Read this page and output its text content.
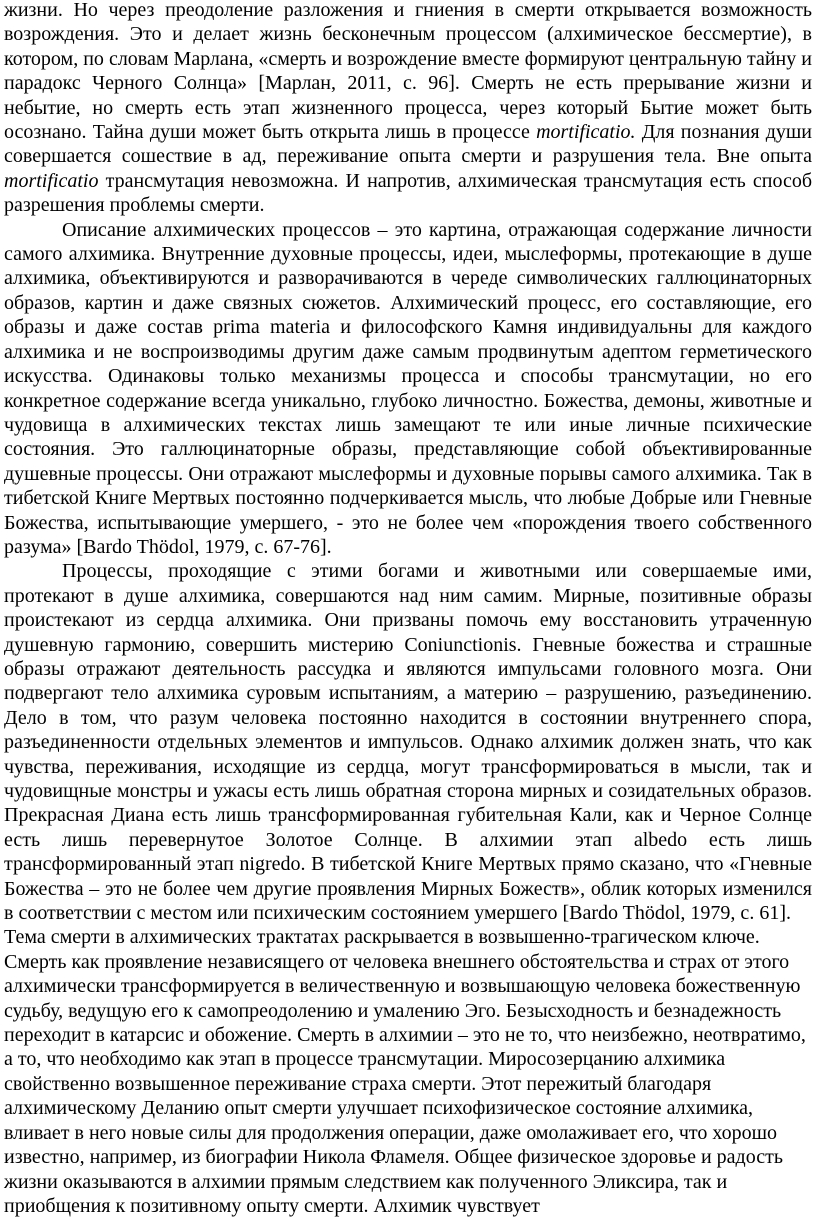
жизни. Но через преодоление разложения и гниения в смерти открывается возможность возрождения. Это и делает жизнь бесконечным процессом (алхимическое бессмертие), в котором, по словам Марлана, «смерть и возрождение вместе формируют центральную тайну и парадокс Черного Солнца» [Марлан, 2011, с. 96]. Смерть не есть прерывание жизни и небытие, но смерть есть этап жизненного процесса, через который Бытие может быть осознано. Тайна души может быть открыта лишь в процессе mortificatio. Для познания души совершается сошествие в ад, переживание опыта смерти и разрушения тела. Вне опыта mortificatio трансмутация невозможна. И напротив, алхимическая трансмутация есть способ разрешения проблемы смерти.

Описание алхимических процессов – это картина, отражающая содержание личности самого алхимика. Внутренние духовные процессы, идеи, мыслеформы, протекающие в душе алхимика, объективируются и разворачиваются в череде символических галлюцинаторных образов, картин и даже связных сюжетов. Алхимический процесс, его составляющие, его образы и даже состав prima materia и философского Камня индивидуальны для каждого алхимика и не воспроизводимы другим даже самым продвинутым адептом герметического искусства. Одинаковы только механизмы процесса и способы трансмутации, но его конкретное содержание всегда уникально, глубоко личностно. Божества, демоны, животные и чудовища в алхимических текстах лишь замещают те или иные личные психические состояния. Это галлюцинаторные образы, представляющие собой объективированные душевные процессы. Они отражают мыслеформы и духовные порывы самого алхимика. Так в тибетской Книге Мертвых постоянно подчеркивается мысль, что любые Добрые или Гневные Божества, испытывающие умершего, - это не более чем «порождения твоего собственного разума» [Bardo Thödol, 1979, с. 67-76].

Процессы, проходящие с этими богами и животными или совершаемые ими, протекают в душе алхимика, совершаются над ним самим. Мирные, позитивные образы проистекают из сердца алхимика. Они призваны помочь ему восстановить утраченную душевную гармонию, совершить мистерию Coniunctionis. Гневные божества и страшные образы отражают деятельность рассудка и являются импульсами головного мозга. Они подвергают тело алхимика суровым испытаниям, а материю – разрушению, разъединению. Дело в том, что разум человека постоянно находится в состоянии внутреннего спора, разъединенности отдельных элементов и импульсов. Однако алхимик должен знать, что как чувства, переживания, исходящие из сердца, могут трансформироваться в мысли, так и чудовищные монстры и ужасы есть лишь обратная сторона мирных и созидательных образов. Прекрасная Диана есть лишь трансформированная губительная Кали, как и Черное Солнце есть лишь перевернутое Золотое Солнце. В алхимии этап albedo есть лишь трансформированный этап nigredo. В тибетской Книге Мертвых прямо сказано, что «Гневные Божества – это не более чем другие проявления Мирных Божеств», облик которых изменился в соответствии с местом или психическим состоянием умершего [Bardo Thödol, 1979, с. 61].

Тема смерти в алхимических трактатах раскрывается в возвышенно-трагическом ключе. Смерть как проявление независящего от человека внешнего обстоятельства и страх от этого алхимически трансформируется в величественную и возвышающую человека божественную судьбу, ведущую его к самопреодолению и умалению Эго. Безысходность и безнадежность переходит в катарсис и обожение. Смерть в алхимии – это не то, что неизбежно, неотвратимо, а то, что необходимо как этап в процессе трансмутации. Миросозерцанию алхимика свойственно возвышенное переживание страха смерти. Этот пережитый благодаря алхимическому Деланию опыт смерти улучшает психофизическое состояние алхимика, вливает в него новые силы для продолжения операции, даже омолаживает его, что хорошо известно, например, из биографии Никола Фламеля. Общее физическое здоровье и радость жизни оказываются в алхимии прямым следствием как полученного Эликсира, так и приобщения к позитивному опыту смерти. Алхимик чувствует
